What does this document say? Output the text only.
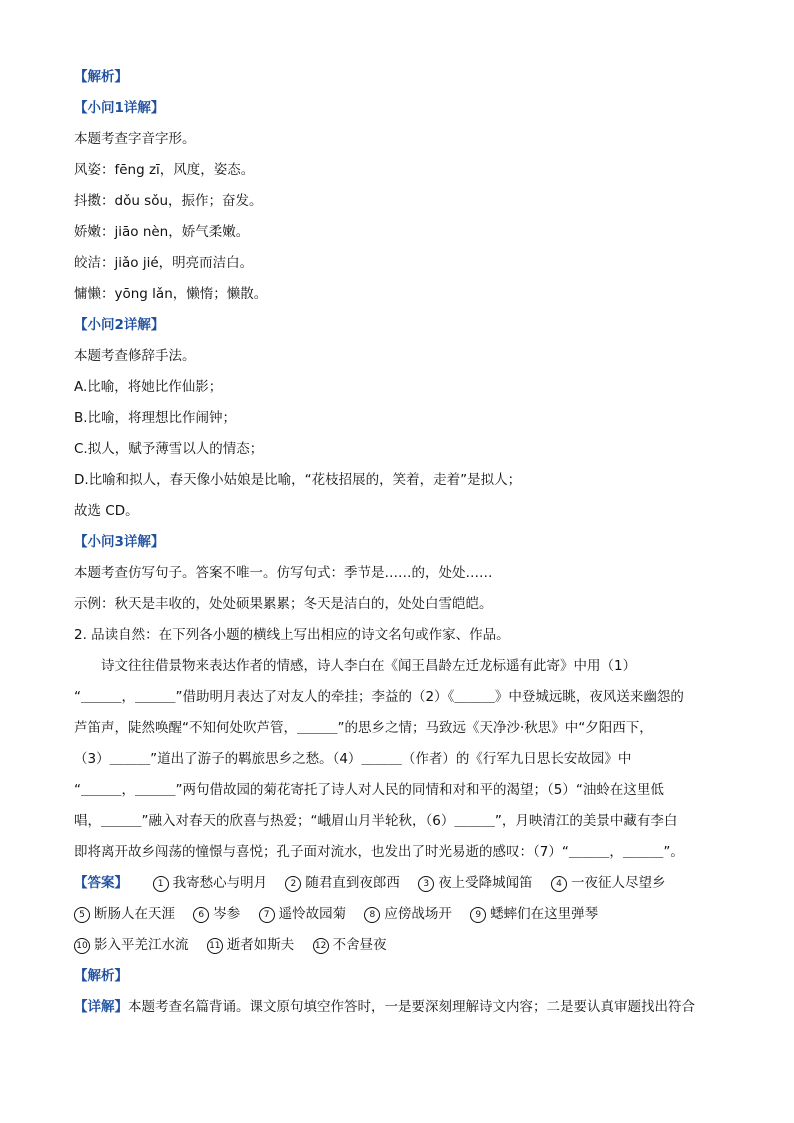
【解析】
【小问1详解】
本题考查字音字形。
风姿：fēng zī，风度，姿态。
抖擞：dǒu sǒu，振作；奋发。
娇嫩：jiāo nèn，娇气柔嫩。
皎洁：jiǎo jié，明亮而洁白。
慵懒：yōng lǎn，懒惰；懒散。
【小问2详解】
本题考查修辞手法。
A.比喻，将她比作仙影；
B.比喻，将理想比作闹钟；
C.拟人，赋予薄雪以人的情态；
D.比喻和拟人，春天像小姑娘是比喻，“花枝招展的，笑着，走着”是拟人；
故选 CD。
【小问3详解】
本题考查仿写句子。答案不唯一。仿写句式：季节是……的，处处……
示例：秋天是丰收的，处处硕果累累；冬天是洁白的，处处白雪皑皑。
2. 品读自然：在下列各小题的横线上写出相应的诗文名句或作家、作品。
诗文往往借景物来表达作者的情感，诗人李白在《闻王昌龄左迁龙标遥有此寄》中用（1）
“＿＿＿，＿＿＿”借助明月表达了对友人的牵挂；李益的（2）《＿＿＿》中登城远眺，夜风送来幽怨的
芦笛声，陡然唤醒“不知何处吹芦管，＿＿＿”的思乡之情；马致远《天净沙·秋思》中“夕阳西下，
（3）＿＿＿”道出了游子的羁旅思乡之愁。（4）＿＿＿（作者）的《行军九日思长安故园》中
“＿＿＿，＿＿＿”两句借故园的菊花寄托了诗人对人民的同情和对和平的渴望；（5）“油蛉在这里低
唱，＿＿＿”融入对春天的欣喜与热爱；“峨眉山月半轮秋，（6）＿＿＿”，月映清江的美景中藏有李白
即将离开故乡闯荡的憧憬与喜悦；孔子面对流水，也发出了时光易逝的感叹：（7）“＿＿＿，＿＿＿”。
【答案】	1 我寄愁心与明月	2 随君直到夜郎西	3 夜上受降城闻笛	4 一夜征人尽望乡
5 断肠人在天涯	6 岑参	7 遥怜故园菊	8 应傍战场开	9 蟋蟀们在这里弹琴
10 影入平羌江水流 11 逝者如斯夫 12 不舍昼夜
【解析】
【详解】本题考查名篇背诵。课文原句填空作答时，一是要深刻理解诗文内容；二是要认真审题找出符合
